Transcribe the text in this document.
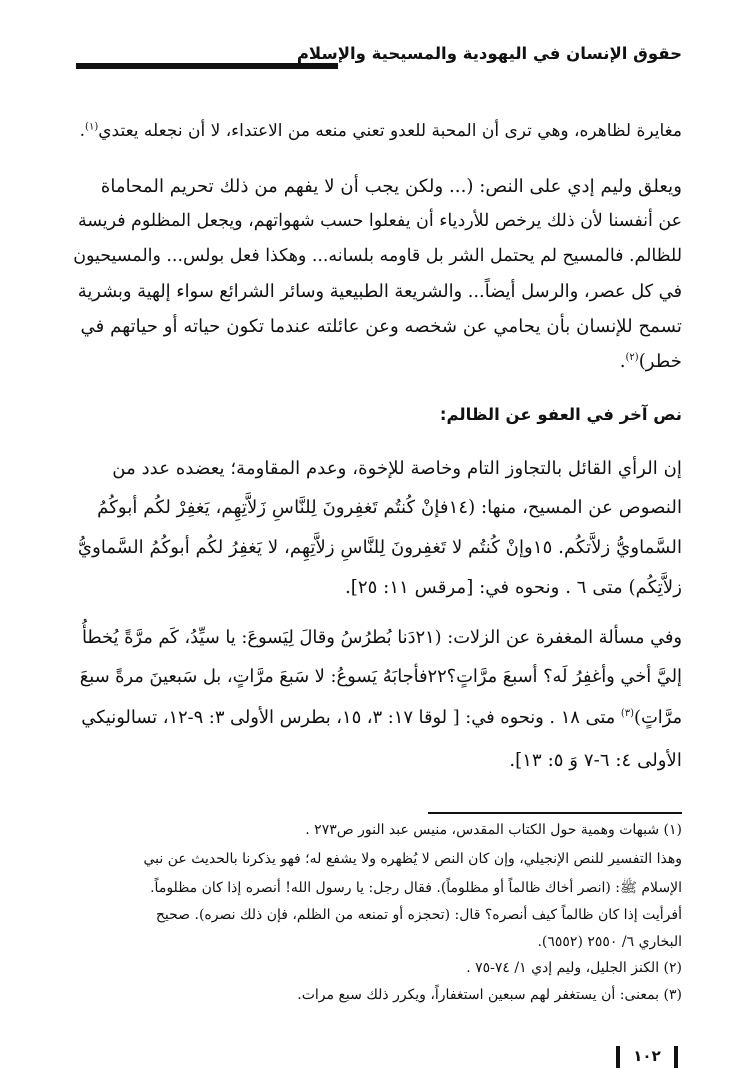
حقوق الإنسان في اليهودية والمسيحية والإسلام
مغايرة لظاهره، وهي ترى أن المحبة للعدو تعني منعه من الاعتداء، لا أن نجعله يعتدي$^{(١)}$.
ويعلق وليم إدي على النص: (... ولكن يجب أن لا يفهم من ذلك تحريم المحاماة
عن أنفسنا لأن ذلك يرخص للأردياء أن يفعلوا حسب شهواتهم، ويجعل المظلوم فريسة
للظالم. فالمسيح لم يحتمل الشر بل قاومه بلسانه... وهكذا فعل بولس... والمسيحيون
في كل عصر، والرسل أيضاً... والشريعة الطبيعية وسائر الشرائع سواء إلهية وبشرية
تسمح للإنسان بأن يحامي عن شخصه وعن عائلته عندما تكون حياته أو حياتهم في
خطر)$^{(٢)}$.
نص آخر في العفو عن الظالم:
إن الرأي القائل بالتجاوز التام وخاصة للإخوة، وعدم المقاومة؛ يعضده عدد من
النصوص عن المسيح، منها: (١٤فإنْ كُنتُم تَغفِرونَ لِلنَّاسِ زَلاَّتِهِم، يَغفِرْ لكُم أبوكُمُ
السَّماويُّ زلاَّتكُم. ١٥وإنْ كُنتُم لا تَغفِرونَ لِلنَّاسِ زلاَّتِهِم، لا يَغفِرُ لكُم أبوكُمُ السَّماويُّ
زلاَّتِكُم) متى ٦ . ونحوه في: [مرقس ١١: ٢٥].
وفي مسألة المغفرة عن الزلات: (٢١دَنا بُطرُسُ وقالَ لِيَسوعَ: يا سيِّدُ، كَم مرَّةً يُخطأُ
إليَّ أخي وأغفِرُ لَه؟ أسبعَ مرَّاتٍ؟٢٢فأجابَهُ يَسوعُ: لا سَبعَ مرَّاتٍ، بل سَبعينَ مرةً سبعَ
مرَّاتٍ)$^{(٣)}$ متى ١٨ . ونحوه في: [ لوقا ١٧: ٣، ١٥، بطرس الأولى ٣: ٩-١٢، تسالونيكي
الأولى ٤: ٦-٧ وَ ٥: ١٣].
(١) شبهات وهمية حول الكتاب المقدس، منيس عبد النور ص٢٧٣ .
وهذا التفسير للنص الإنجيلي، وإن كان النص لا يُظهره ولا يشفع له؛ فهو يذكرنا بالحديث عن نبي
الإسلام ﷺ: (انصر أخاك ظالماً أو مظلوماً). فقال رجل: يا رسول الله! أنصره إذا كان مظلوماً.
أفرأيت إذا كان ظالماً كيف أنصره؟ قال: (تحجزه أو تمنعه من الظلم، فإن ذلك نصره). صحيح
البخاري ٦/ ٢٥٥٠ (٦٥٥٢).
(٢) الكنز الجليل، وليم إدي ١/ ٧٤-٧٥ .
(٣) بمعنى: أن يستغفر لهم سبعين استغفاراً، ويكرر ذلك سبع مرات.
١٠٢
